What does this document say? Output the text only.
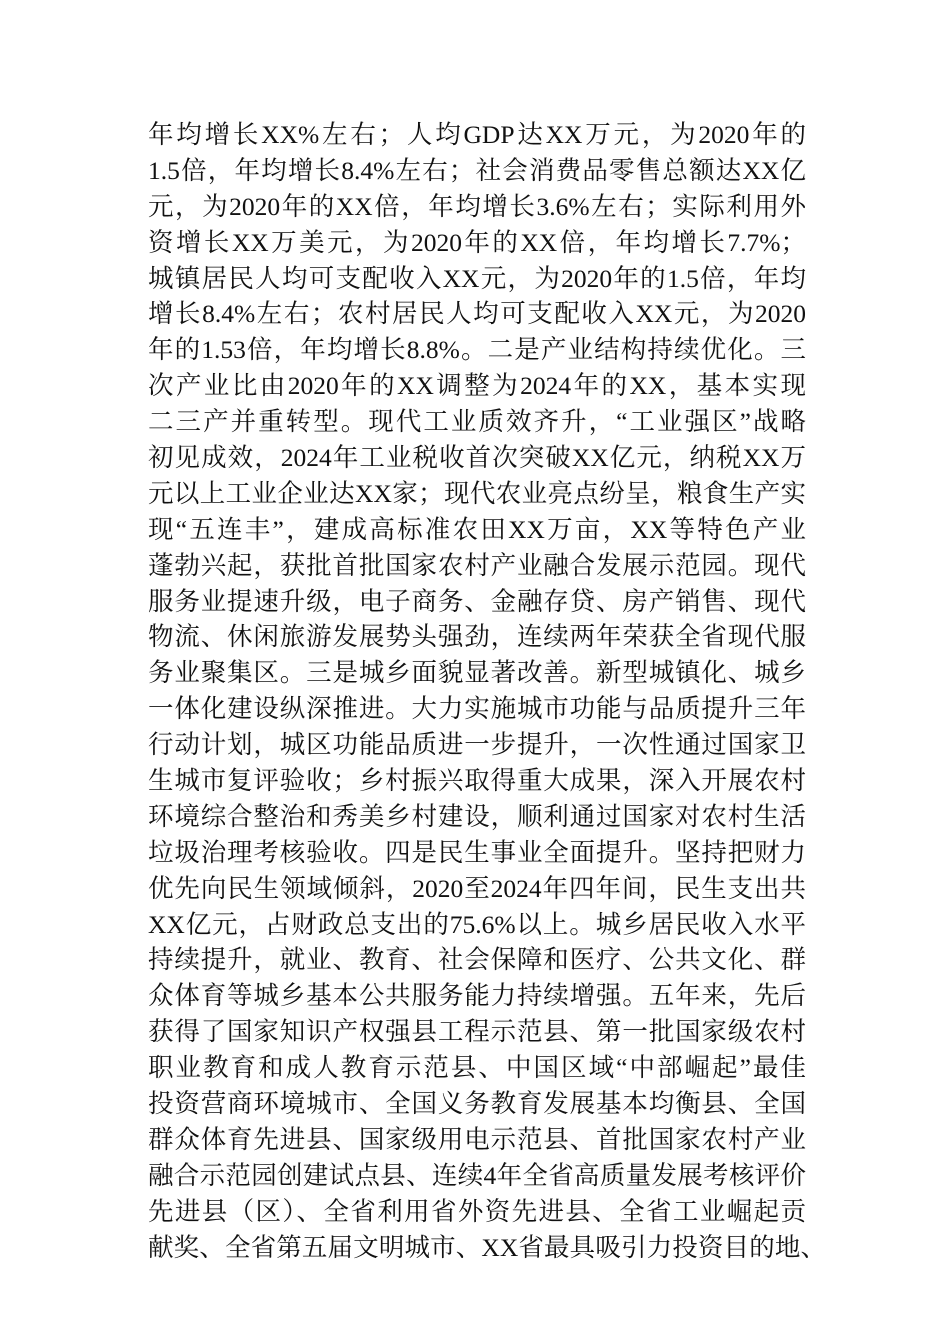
年均增长XX%左右；人均GDP达XX万元，为2020年的
1.5倍，年均增长8.4%左右；社会消费品零售总额达XX亿
元，为2020年的XX倍，年均增长3.6%左右；实际利用外
资增长XX万美元，为2020年的XX倍，年均增长7.7%；
城镇居民人均可支配收入XX元，为2020年的1.5倍，年均
增长8.4%左右；农村居民人均可支配收入XX元，为2020
年的1.53倍，年均增长8.8%。二是产业结构持续优化。三
次产业比由2020年的XX调整为2024年的XX，基本实现
二三产并重转型。现代工业质效齐升，“工业强区”战略
初见成效，2024年工业税收首次突破XX亿元，纳税XX万
元以上工业企业达XX家；现代农业亮点纷呈，粮食生产实
现“五连丰”，建成高标准农田XX万亩，XX等特色产业
蓬勃兴起，获批首批国家农村产业融合发展示范园。现代
服务业提速升级，电子商务、金融存贷、房产销售、现代
物流、休闲旅游发展势头强劲，连续两年荣获全省现代服
务业聚集区。三是城乡面貌显著改善。新型城镇化、城乡
一体化建设纵深推进。大力实施城市功能与品质提升三年
行动计划，城区功能品质进一步提升，一次性通过国家卫
生城市复评验收；乡村振兴取得重大成果，深入开展农村
环境综合整治和秀美乡村建设，顺利通过国家对农村生活
垃圾治理考核验收。四是民生事业全面提升。坚持把财力
优先向民生领域倾斜，2020至2024年四年间，民生支出共
XX亿元，占财政总支出的75.6%以上。城乡居民收入水平
持续提升，就业、教育、社会保障和医疗、公共文化、群
众体育等城乡基本公共服务能力持续增强。五年来，先后
获得了国家知识产权强县工程示范县、第一批国家级农村
职业教育和成人教育示范县、中国区域“中部崛起”最佳
投资营商环境城市、全国义务教育发展基本均衡县、全国
群众体育先进县、国家级用电示范县、首批国家农村产业
融合示范园创建试点县、连续4年全省高质量发展考核评价
先进县（区）、全省利用省外资先进县、全省工业崛起贡
献奖、全省第五届文明城市、XX省最具吸引力投资目的地、
